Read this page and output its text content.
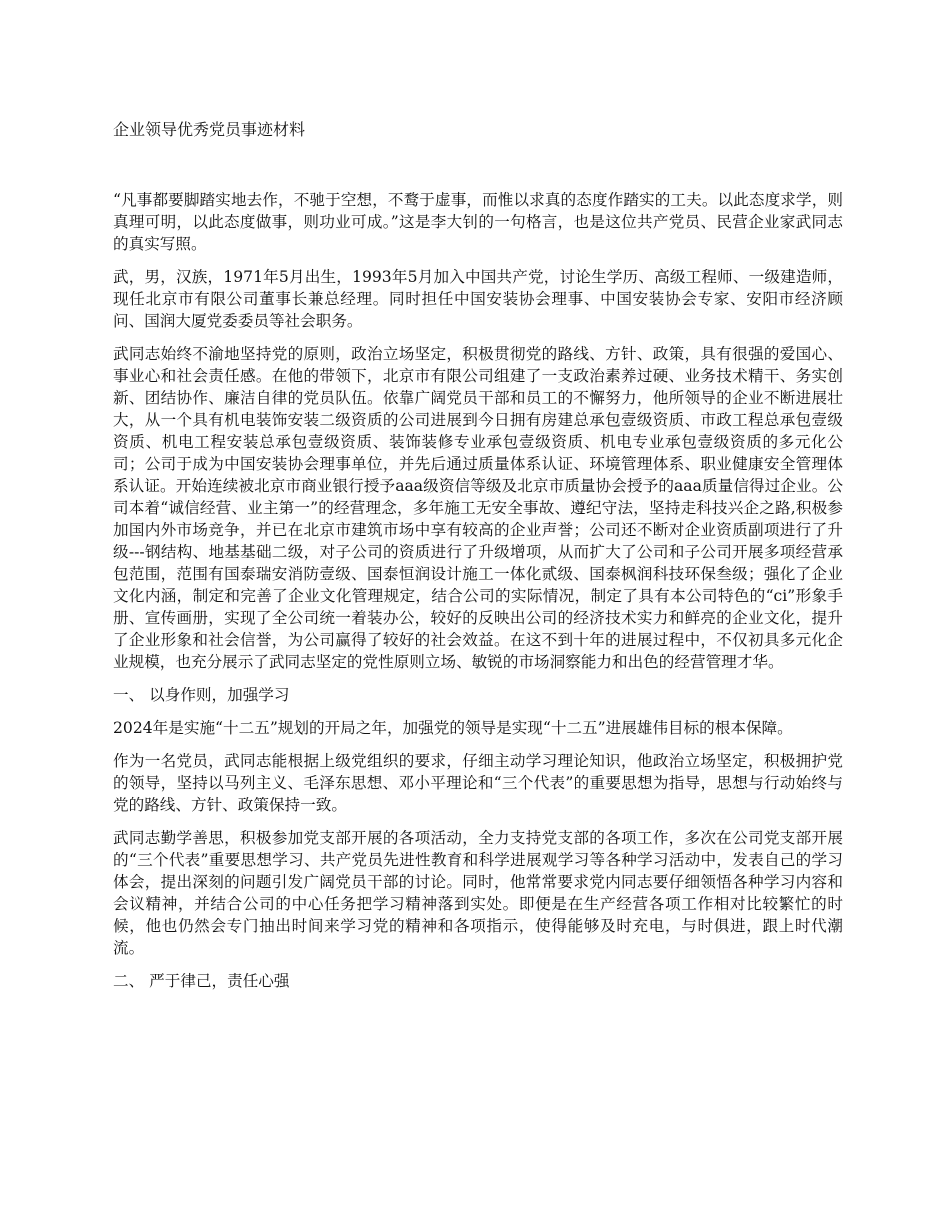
企业领导优秀党员事迹材料

“凡事都要脚踏实地去作，不驰于空想，不鹜于虚事，而惟以求真的态度作踏实的工夫。以此态度求学，则真理可明，以此态度做事，则功业可成。”这是李大钊的一句格言，也是这位共产党员、民营企业家武同志的真实写照。

武，男，汉族，1971年5月出生，1993年5月加入中国共产党，讨论生学历、高级工程师、一级建造师，现任北京市有限公司董事长兼总经理。同时担任中国安装协会理事、中国安装协会专家、安阳市经济顾问、国润大厦党委委员等社会职务。

武同志始终不渝地坚持党的原则，政治立场坚定，积极贯彻党的路线、方针、政策，具有很强的爱国心、事业心和社会责任感。在他的带领下，北京市有限公司组建了一支政治素养过硬、业务技术精干、务实创新、团结协作、廉洁自律的党员队伍。依靠广阔党员干部和员工的不懈努力，他所领导的企业不断进展壮大，从一个具有机电装饰安装二级资质的公司进展到今日拥有房建总承包壹级资质、市政工程总承包壹级资质、机电工程安装总承包壹级资质、装饰装修专业承包壹级资质、机电专业承包壹级资质的多元化公司；公司于成为中国安装协会理事单位，并先后通过质量体系认证、环境管理体系、职业健康安全管理体系认证。开始连续被北京市商业银行授予aaa级资信等级及北京市质量协会授予的aaa质量信得过企业。公司本着“诚信经营、业主第一”的经营理念，多年施工无安全事故、遵纪守法，坚持走科技兴企之路,积极参加国内外市场竞争，并已在北京市建筑市场中享有较高的企业声誉；公司还不断对企业资质副项进行了升级---钢结构、地基基础二级，对子公司的资质进行了升级增项，从而扩大了公司和子公司开展多项经营承包范围，范围有国泰瑞安消防壹级、国泰恒润设计施工一体化贰级、国泰枫润科技环保叁级；强化了企业文化内涵，制定和完善了企业文化管理规定，结合公司的实际情况，制定了具有本公司特色的“ci”形象手册、宣传画册，实现了全公司统一着装办公，较好的反映出公司的经济技术实力和鲜亮的企业文化，提升了企业形象和社会信誉，为公司赢得了较好的社会效益。在这不到十年的进展过程中，不仅初具多元化企业规模，也充分展示了武同志坚定的党性原则立场、敏锐的市场洞察能力和出色的经营管理才华。

一、 以身作则，加强学习

2024年是实施“十二五”规划的开局之年，加强党的领导是实现“十二五”进展雄伟目标的根本保障。

作为一名党员，武同志能根据上级党组织的要求，仔细主动学习理论知识，他政治立场坚定，积极拥护党的领导，坚持以马列主义、毛泽东思想、邓小平理论和“三个代表”的重要思想为指导，思想与行动始终与党的路线、方针、政策保持一致。

武同志勤学善思，积极参加党支部开展的各项活动，全力支持党支部的各项工作，多次在公司党支部开展的“三个代表”重要思想学习、共产党员先进性教育和科学进展观学习等各种学习活动中，发表自己的学习体会，提出深刻的问题引发广阔党员干部的讨论。同时，他常常要求党内同志要仔细领悟各种学习内容和会议精神，并结合公司的中心任务把学习精神落到实处。即便是在生产经营各项工作相对比较繁忙的时候，他也仍然会专门抽出时间来学习党的精神和各项指示，使得能够及时充电，与时俱进，跟上时代潮流。

二、 严于律己，责任心强
